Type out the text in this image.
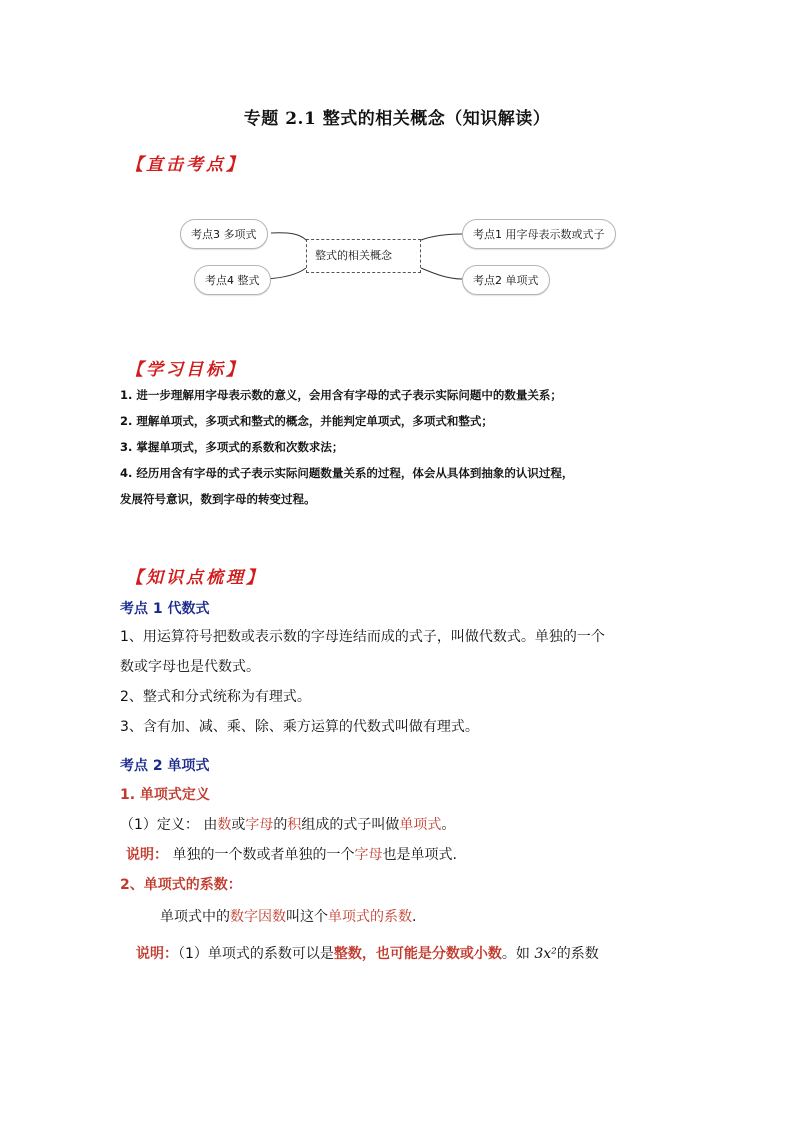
专题 2.1 整式的相关概念（知识解读）
【直击考点】
考点3 多项式
考点4 整式
考点1 用字母表示数或式子
考点2 单项式
整式的相关概念
【学习目标】

1. 进一步理解用字母表示数的意义，会用含有字母的式子表示实际问题中的数量关系；

2. 理解单项式，多项式和整式的概念，并能判定单项式，多项式和整式；

3. 掌握单项式，多项式的系数和次数求法；

4. 经历用含有字母的式子表示实际问题数量关系的过程，体会从具体到抽象的认识过程，

发展符号意识，数到字母的转变过程。

【知识点梳理】
考点 1 代数式
1、用运算符号把数或表示数的字母连结而成的式子，叫做代数式。单独的一个
数或字母也是代数式。
2、整式和分式统称为有理式。
3、含有加、减、乘、除、乘方运算的代数式叫做有理式。
考点 2 单项式
1. 单项式定义
（1）定义： 由数或字母的积组成的式子叫做单项式。
说明： 单独的一个数或者单独的一个字母也是单项式.
2、单项式的系数：
单项式中的数字因数叫这个单项式的系数.
说明：（1）单项式的系数可以是整数，也可能是分数或小数。如 3x²的系数
